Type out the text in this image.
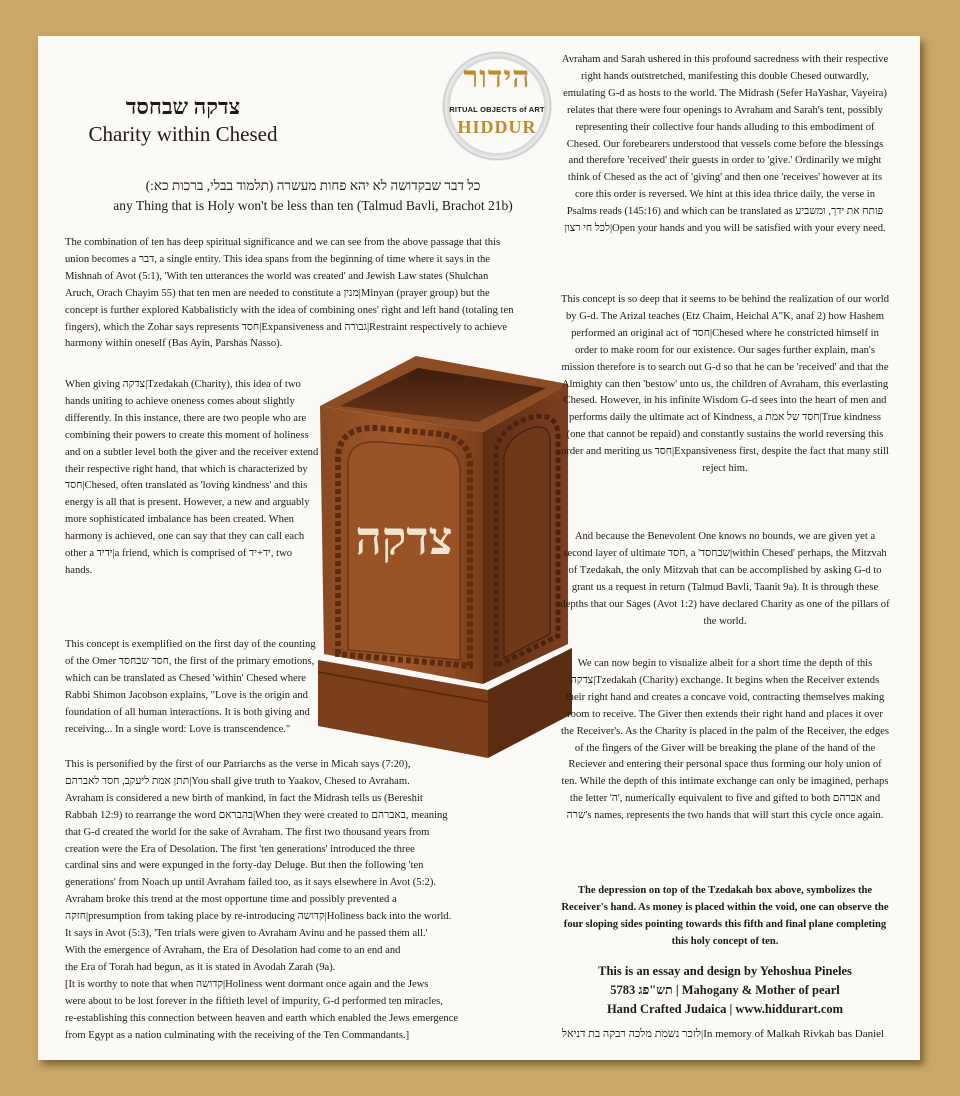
צדקה שבחסד
Charity within Chesed
הידור
RITUAL OBJECTS of ART
HIDDUR
כל דבר שבקדושה לא יהא פחות מעשרה (תלמוד בבלי, ברכות כא:)
any Thing that is Holy won't be less than ten (Talmud Bavli, Brachot 21b)

The combination of ten has deep spiritual significance and we can see from the above passage that this union becomes a דבר, a single entity. This idea spans from the beginning of time where it says in the Mishnah of Avot (5:1), 'With ten utterances the world was created' and Jewish Law states (Shulchan Aruch, Orach Chayim 55) that ten men are needed to constitute a מנין|Minyan (prayer group) but the concept is further explored Kabbalisticly with the idea of combining ones' right and left hand (totaling ten fingers), which the Zohar says represents חסד|Expansiveness and גבורה|Restraint respectively to achieve harmony within oneself (Bas Ayin, Parshas Nasso).

When giving צדקה|Tzedakah (Charity), this idea of two hands uniting to achieve oneness comes about slightly differently. In this instance, there are two people who are combining their powers to create this moment of holiness and on a subtler level both the giver and the receiver extend their respective right hand, that which is characterized by חסד|Chesed, often translated as 'loving kindness' and this energy is all that is present. However, a new and arguably more sophisticated imbalance has been created. When harmony is achieved, one can say that they can call each other a ידיד|a friend, which is comprised of יד+יד, two hands.

This concept is exemplified on the first day of the counting of the Omer חסד שבחסד, the first of the primary emotions, which can be translated as Chesed 'within' Chesed where Rabbi Shimon Jacobson explains, "Love is the origin and foundation of all human interactions. It is both giving and receiving... In a single word: Love is transcendence."

This is personified by the first of our Patriarchs as the verse in Micah says (7:20),
תתן אמת ליעקב, חסד לאברהם|You shall give truth to Yaakov, Chesed to Avraham.
Avraham is considered a new birth of mankind, in fact the Midrash tells us (Bereshit
Rabbah 12:9) to rearrange the word בהבראם|When they were created to באברהם, meaning
that G-d created the world for the sake of Avraham. The first two thousand years from
creation were the Era of Desolation. The first 'ten generations' introduced the three
cardinal sins and were expunged in the forty-day Deluge. But then the following 'ten
generations' from Noach up until Avraham failed too, as it says elsewhere in Avot (5:2).
Avraham broke this trend at the most opportune time and possibly prevented a
חזקה|presumption from taking place by re-introducing קדושה|Holiness back into the world.
It says in Avot (5:3), 'Ten trials were given to Avraham Avinu and he passed them all.'
With the emergence of Avraham, the Era of Desolation had come to an end and
the Era of Torah had begun, as it is stated in Avodah Zarah (9a).
[It is worthy to note that when קדושה|Holiness went dormant once again and the Jews
were about to be lost forever in the fiftieth level of impurity, G-d performed ten miracles,
re-establishing this connection between heaven and earth which enabled the Jews emergence
from Egypt as a nation culminating with the receiving of the Ten Commandants.]
צדקה

Avraham and Sarah ushered in this profound sacredness with their respective right hands outstretched, manifesting this double Chesed outwardly, emulating G-d as hosts to the world. The Midrash (Sefer HaYashar, Vayeira) relates that there were four openings to Avraham and Sarah's tent, possibly representing their collective four hands alluding to this embodiment of Chesed. Our forebearers understood that vessels come before the blessings and therefore 'received' their guests in order to 'give.' Ordinarily we might think of Chesed as the act of 'giving' and then one 'receives' however at its core this order is reversed. We hint at this idea thrice daily, the verse in Psalms reads (145:16) and which can be translated as פותח את ידך, ומשביע לכל חי רצון|Open your hands and you will be satisfied with your every need.

This concept is so deep that it seems to be behind the realization of our world by G-d. The Arizal teaches (Etz Chaim, Heichal A"K, anaf 2) how Hashem performed an original act of חסד|Chesed where he constricted himself in order to make room for our existence. Our sages further explain, man's mission therefore is to search out G-d so that he can be 'received' and that the Almighty can then 'bestow' unto us, the children of Avraham, this everlasting Chesed. However, in his infinite Wisdom G-d sees into the heart of men and performs daily the ultimate act of Kindness, a חסד של אמת|True kindness (one that cannot be repaid) and constantly sustains the world reversing this order and meriting us חסד|Expansiveness first, despite the fact that many still reject him.

And because the Benevolent One knows no bounds, we are given yet a second layer of ultimate חסד, a 'שבחסד|within Chesed' perhaps, the Mitzvah of Tzedakah, the only Mitzvah that can be accomplished by asking G-d to grant us a request in return (Talmud Bavli, Taanit 9a). It is through these depths that our Sages (Avot 1:2) have declared Charity as one of the pillars of the world.

We can now begin to visualize albeit for a short time the depth of this צדקה|Tzedakah (Charity) exchange. It begins when the Receiver extends their right hand and creates a concave void, contracting themselves making room to receive. The Giver then extends their right hand and places it over the Receiver's. As the Charity is placed in the palm of the Receiver, the edges of the fingers of the Giver will be breaking the plane of the hand of the Reciever and entering their personal space thus forming our holy union of ten. While the depth of this intimate exchange can only be imagined, perhaps the letter 'ה', numerically equivalent to five and gifted to both אברהם and שרה's names, represents the two hands that will start this cycle once again.

The depression on top of the Tzedakah box above, symbolizes the Receiver's hand. As money is placed within the void, one can observe the four sloping sides pointing towards this fifth and final plane completing this holy concept of ten.

This is an essay and design by Yehoshua Pineles
5783 תש"פג | Mahogany & Mother of pearl
Hand Crafted Judaica | www.hiddurart.com
לזכר נשמת מלכה רבקה בת דניאל|In memory of Malkah Rivkah bas Daniel
